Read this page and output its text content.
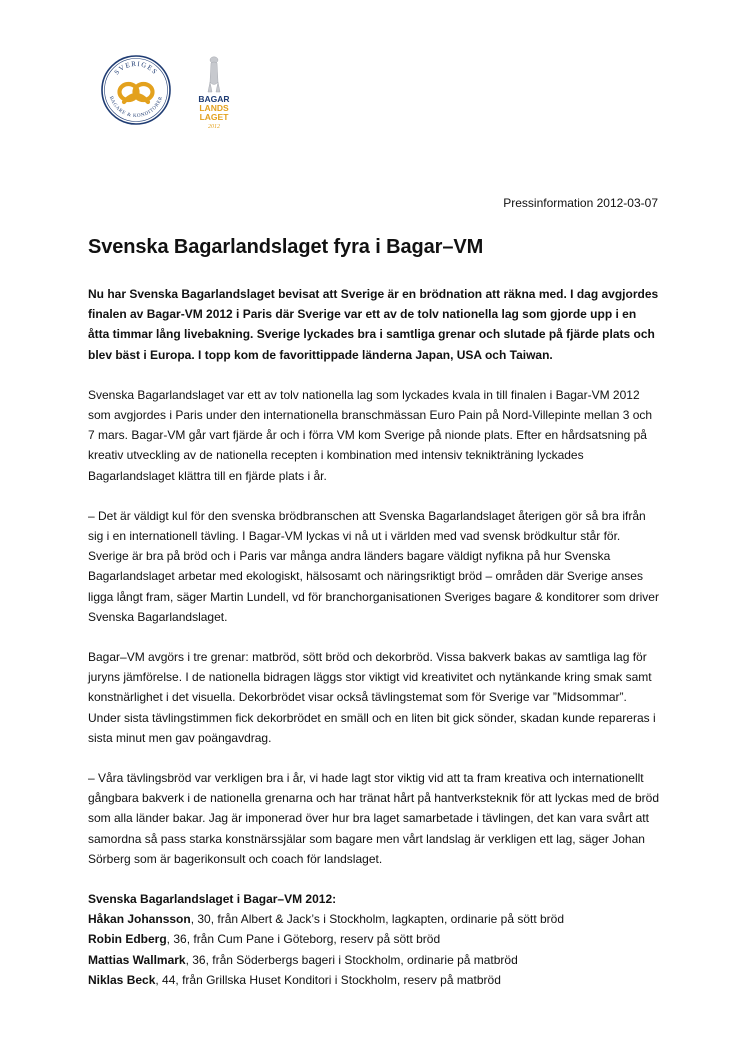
SVERIGES
BAGARE & KONDITORER	BAGAR
LANDS
LAGET
2012
Pressinformation 2012-03-07
Svenska Bagarlandslaget fyra i Bagar–VM

Nu har Svenska Bagarlandslaget bevisat att Sverige är en brödnation att räkna med. I dag avgjordes finalen av Bagar-VM 2012 i Paris där Sverige var ett av de tolv nationella lag som gjorde upp i en åtta timmar lång livebakning. Sverige lyckades bra i samtliga grenar och slutade på fjärde plats och blev bäst i Europa. I topp kom de favorittippade länderna Japan, USA och Taiwan.

Svenska Bagarlandslaget var ett av tolv nationella lag som lyckades kvala in till finalen i Bagar-VM 2012 som avgjordes i Paris under den internationella branschmässan Euro Pain på Nord-Villepinte mellan 3 och 7 mars. Bagar-VM går vart fjärde år och i förra VM kom Sverige på nionde plats. Efter en hårdsatsning på kreativ utveckling av de nationella recepten i kombination med intensiv teknikträning lyckades Bagarlandslaget klättra till en fjärde plats i år.

– Det är väldigt kul för den svenska brödbranschen att Svenska Bagarlandslaget återigen gör så bra ifrån sig i en internationell tävling. I Bagar-VM lyckas vi nå ut i världen med vad svensk brödkultur står för. Sverige är bra på bröd och i Paris var många andra länders bagare väldigt nyfikna på hur Svenska Bagarlandslaget arbetar med ekologiskt, hälsosamt och näringsriktigt bröd – områden där Sverige anses ligga långt fram, säger Martin Lundell, vd för branchorganisationen Sveriges bagare & konditorer som driver Svenska Bagarlandslaget.

Bagar–VM avgörs i tre grenar: matbröd, sött bröd och dekorbröd. Vissa bakverk bakas av samtliga lag för juryns jämförelse. I de nationella bidragen läggs stor viktigt vid kreativitet och nytänkande kring smak samt konstnärlighet i det visuella. Dekorbrödet visar också tävlingstemat som för Sverige var ”Midsommar”. Under sista tävlingstimmen fick dekorbrödet en smäll och en liten bit gick sönder, skadan kunde repareras i sista minut men gav poängavdrag.

– Våra tävlingsbröd var verkligen bra i år, vi hade lagt stor viktig vid att ta fram kreativa och internationellt gångbara bakverk i de nationella grenarna och har tränat hårt på hantverksteknik för att lyckas med de bröd som alla länder bakar. Jag är imponerad över hur bra laget samarbetade i tävlingen, det kan vara svårt att samordna så pass starka konstnärssjälar som bagare men vårt landslag är verkligen ett lag, säger Johan Sörberg som är bagerikonsult och coach för landslaget.

Svenska Bagarlandslaget i Bagar–VM 2012:
Håkan Johansson, 30, från Albert & Jack’s i Stockholm, lagkapten, ordinarie på sött bröd
Robin Edberg, 36, från Cum Pane i Göteborg, reserv på sött bröd
Mattias Wallmark, 36, från Söderbergs bageri i Stockholm, ordinarie på matbröd
Niklas Beck, 44, från Grillska Huset Konditori i Stockholm, reserv på matbröd
